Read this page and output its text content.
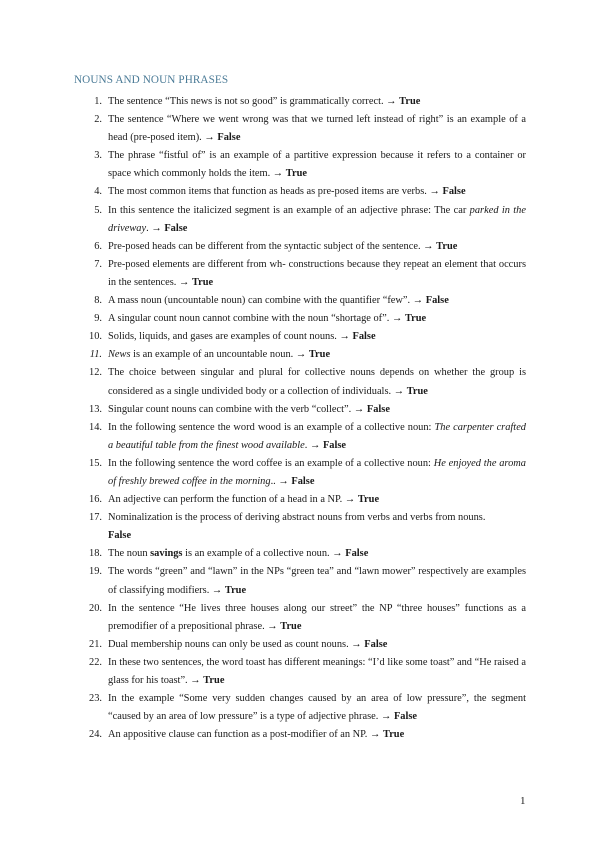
NOUNS AND NOUN PHRASES
1. The sentence “This news is not so good” is grammatically correct. → True
2. The sentence “Where we went wrong was that we turned left instead of right” is an example of a head (pre-posed item). → False
3. The phrase “fistful of” is an example of a partitive expression because it refers to a container or space which commonly holds the item. → True
4. The most common items that function as heads as pre-posed items are verbs. → False
5. In this sentence the italicized segment is an example of an adjective phrase: The car parked in the driveway. → False
6. Pre-posed heads can be different from the syntactic subject of the sentence. → True
7. Pre-posed elements are different from wh- constructions because they repeat an element that occurs in the sentences. → True
8. A mass noun (uncountable noun) can combine with the quantifier “few”. → False
9. A singular count noun cannot combine with the noun “shortage of”. → True
10. Solids, liquids, and gases are examples of count nouns. → False
11. News is an example of an uncountable noun. → True
12. The choice between singular and plural for collective nouns depends on whether the group is considered as a single undivided body or a collection of individuals. → True
13. Singular count nouns can combine with the verb “collect”. → False
14. In the following sentence the word wood is an example of a collective noun: The carpenter crafted a beautiful table from the finest wood available. → False
15. In the following sentence the word coffee is an example of a collective noun: He enjoyed the aroma of freshly brewed coffee in the morning.. → False
16. An adjective can perform the function of a head in a NP. → True
17. Nominalization is the process of deriving abstract nouns from verbs and verbs from nouns.
False
18. The noun savings is an example of a collective noun. → False
19. The words “green” and “lawn” in the NPs “green tea” and “lawn mower” respectively are examples of classifying modifiers. → True
20. In the sentence “He lives three houses along our street” the NP “three houses” functions as a premodifier of a prepositional phrase. → True
21. Dual membership nouns can only be used as count nouns. → False
22. In these two sentences, the word toast has different meanings: “I’d like some toast” and “He raised a glass for his toast”. → True
23. In the example “Some very sudden changes caused by an area of low pressure”, the segment “caused by an area of low pressure” is a type of adjective phrase. → False
24. An appositive clause can function as a post-modifier of an NP. → True
1
